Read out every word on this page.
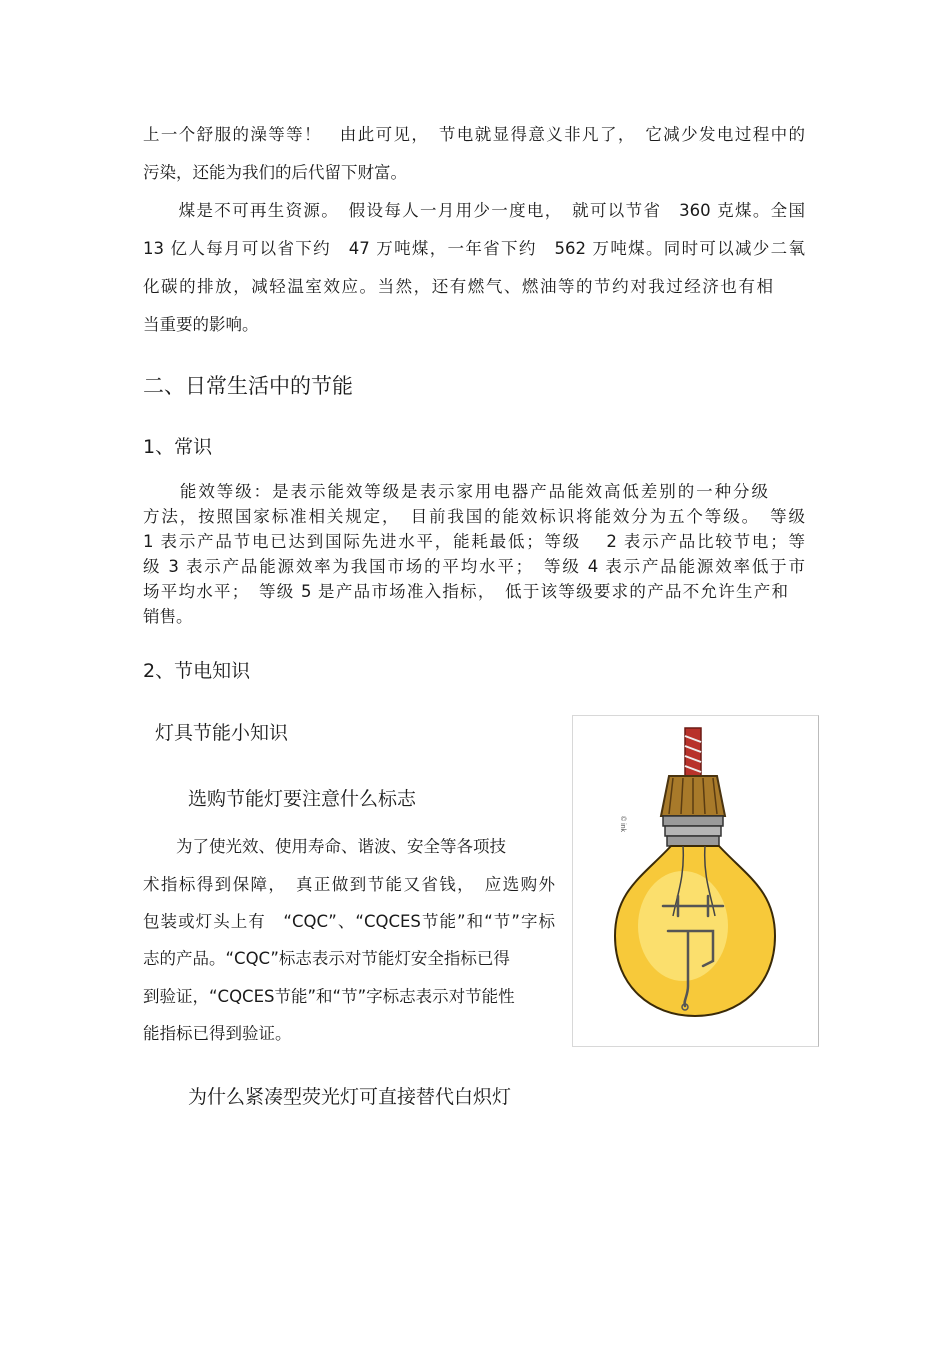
上一个舒服的澡等等！　由此可见，　节电就显得意义非凡了，　它减少发电过程中的
污染，还能为我们的后代留下财富。
　　煤是不可再生资源。　假设每人一月用少一度电，　就可以节省　360 克煤。全国
13 亿人每月可以省下约　47 万吨煤，一年省下约　562 万吨煤。同时可以减少二氧
化碳的排放，减轻温室效应。当然，还有燃气、燃油等的节约对我过经济也有相
当重要的影响。
二、日常生活中的节能
1、常识
　　能效等级：是表示能效等级是表示家用电器产品能效高低差别的一种分级
方法，按照国家标准相关规定，　目前我国的能效标识将能效分为五个等级。　等级
1 表示产品节电已达到国际先进水平，能耗最低；等级　 2 表示产品比较节电；等
级 3 表示产品能源效率为我国市场的平均水平；　等级 4 表示产品能源效率低于市
场平均水平；　等级 5 是产品市场准入指标，　低于该等级要求的产品不允许生产和
销售。
2、节电知识
灯具节能小知识
选购节能灯要注意什么标志
　　为了使光效、使用寿命、谐波、安全等各项技
术指标得到保障，　真正做到节能又省钱，　应选购外
包装或灯头上有　“CQC”、“CQCES节能”和“节”字标
志的产品。“CQC”标志表示对节能灯安全指标已得
到验证，“CQCES节能”和“节”字标志表示对节能性
能指标已得到验证。
© ink
为什么紧凑型荧光灯可直接替代白炽灯
